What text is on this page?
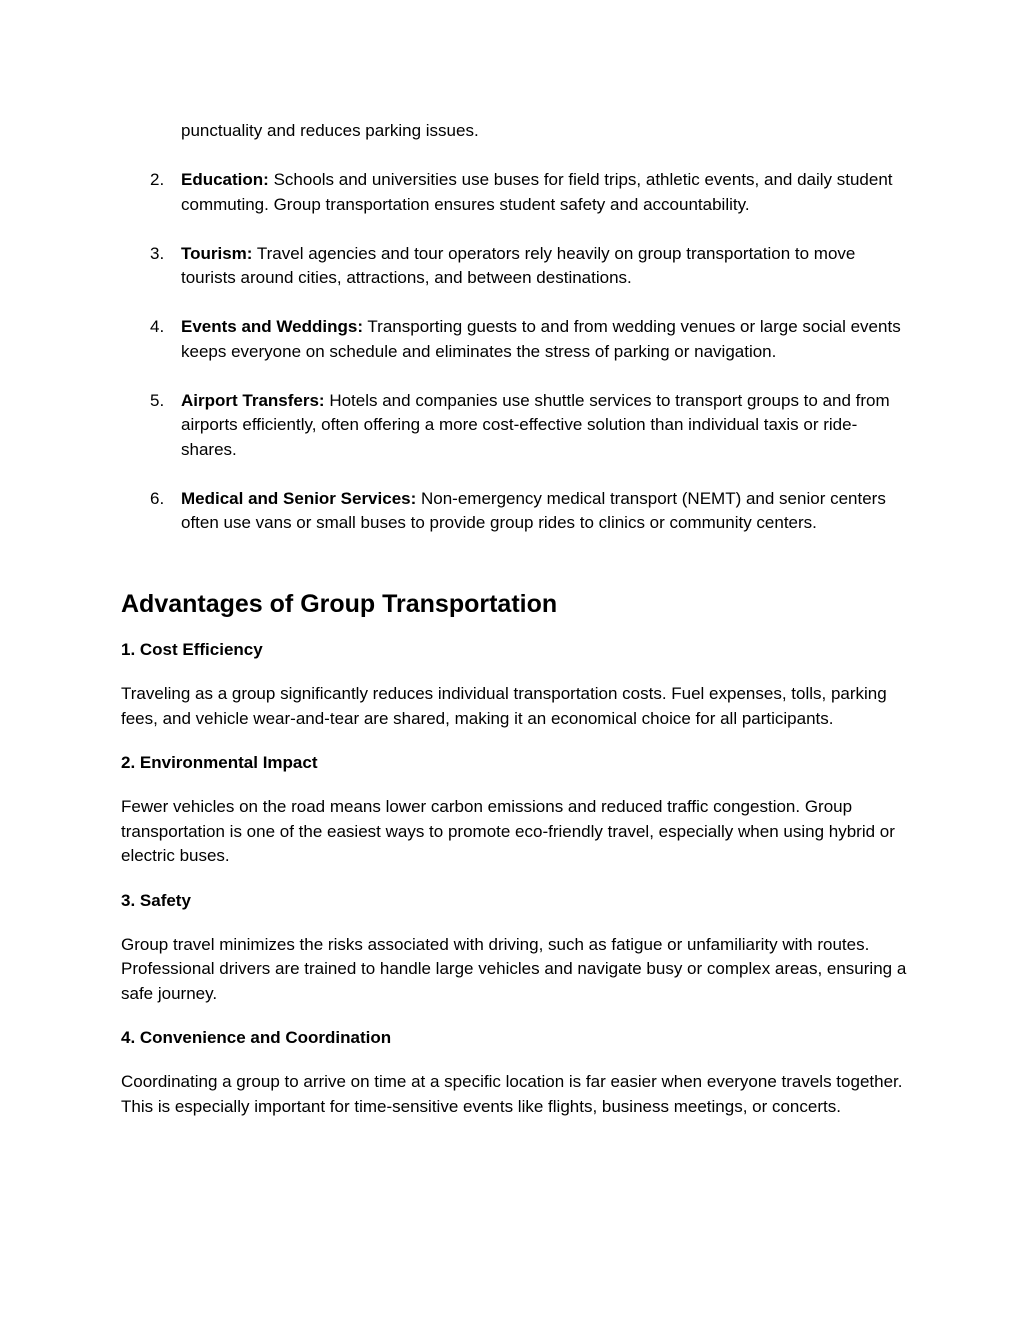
punctuality and reduces parking issues.

2. Education: Schools and universities use buses for field trips, athletic events, and daily student commuting. Group transportation ensures student safety and accountability.
3. Tourism: Travel agencies and tour operators rely heavily on group transportation to move tourists around cities, attractions, and between destinations.
4. Events and Weddings: Transporting guests to and from wedding venues or large social events keeps everyone on schedule and eliminates the stress of parking or navigation.
5. Airport Transfers: Hotels and companies use shuttle services to transport groups to and from airports efficiently, often offering a more cost-effective solution than individual taxis or ride-shares.
6. Medical and Senior Services: Non-emergency medical transport (NEMT) and senior centers often use vans or small buses to provide group rides to clinics or community centers.
Advantages of Group Transportation
1. Cost Efficiency

Traveling as a group significantly reduces individual transportation costs. Fuel expenses, tolls, parking fees, and vehicle wear-and-tear are shared, making it an economical choice for all participants.

2. Environmental Impact

Fewer vehicles on the road means lower carbon emissions and reduced traffic congestion. Group transportation is one of the easiest ways to promote eco-friendly travel, especially when using hybrid or electric buses.

3. Safety

Group travel minimizes the risks associated with driving, such as fatigue or unfamiliarity with routes. Professional drivers are trained to handle large vehicles and navigate busy or complex areas, ensuring a safe journey.

4. Convenience and Coordination

Coordinating a group to arrive on time at a specific location is far easier when everyone travels together. This is especially important for time-sensitive events like flights, business meetings, or concerts.
